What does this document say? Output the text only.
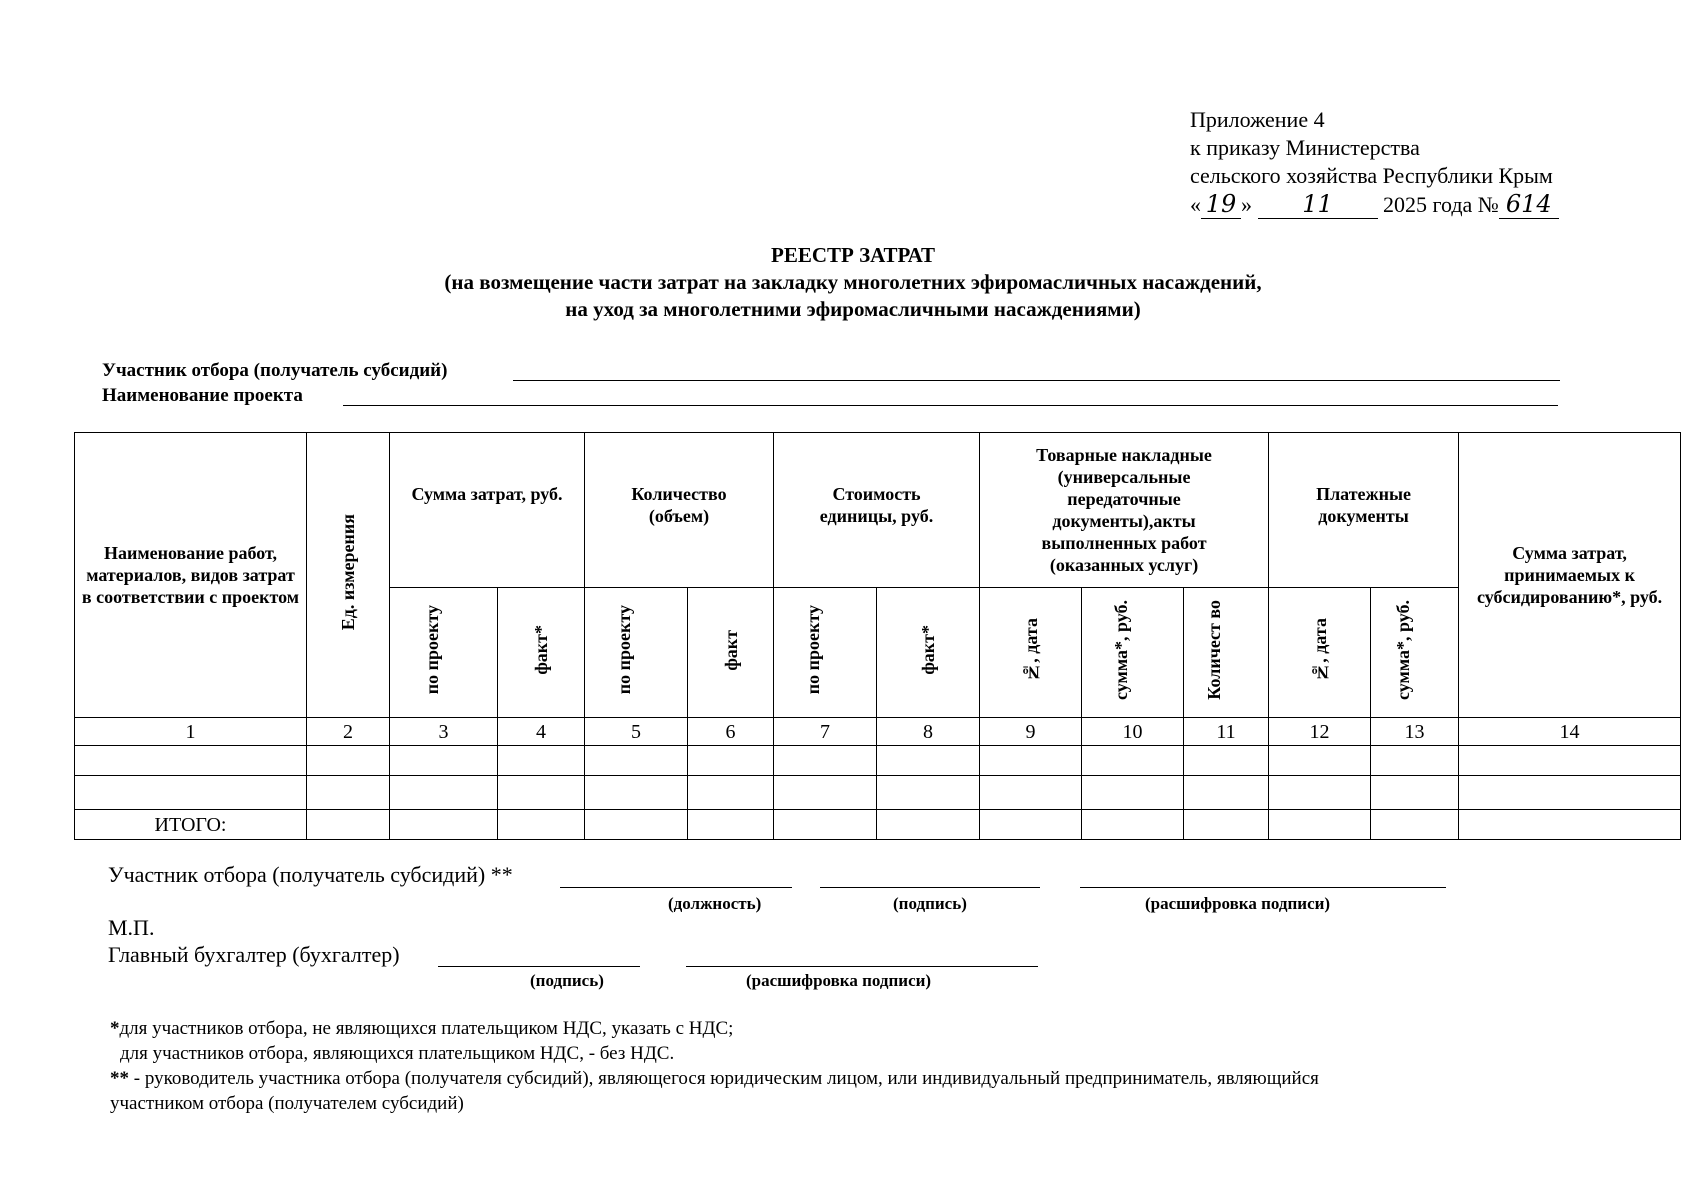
Приложение 4
к приказу Министерства
сельского хозяйства Республики Крым
« 19 » 11 2025 года № 614
РЕЕСТР ЗАТРАТ
(на возмещение части затрат на закладку многолетних эфиромасличных насаждений,
на уход за многолетними эфиромасличными насаждениями)
Участник отбора (получатель субсидий)
Наименование проекта
Наименование работ, материалов, видов затрат в соответствии с проектом	Ед. измерения	Сумма затрат, руб.		Количество (объем)		Стоимость единицы, руб.		Товарные накладные (универсальные передаточные документы),акты выполненных работ (оказанных услуг)			Платежные документы		Сумма затрат, принимаемых к субсидированию*, руб.
		по проекту	факт*	по проекту	факт	по проекту	факт*	№, дата	сумма*, руб.	Количест во	№, дата	сумма*, руб.	
1	2	3	4	5	6	7	8	9	10	11	12	13	14

ИТОГО:													
Участник отбора (получатель субсидий) **
(должность)	(подпись)	(расшифровка подписи)
М.П.
Главный бухгалтер (бухгалтер)
(подпись)	(расшифровка подписи)
*для участников отбора, не являющихся плательщиком НДС, указать с НДС;
для участников отбора, являющихся плательщиком НДС, - без НДС.
** - руководитель участника отбора (получателя субсидий), являющегося юридическим лицом, или индивидуальный предприниматель, являющийся
участником отбора (получателем субсидий)
